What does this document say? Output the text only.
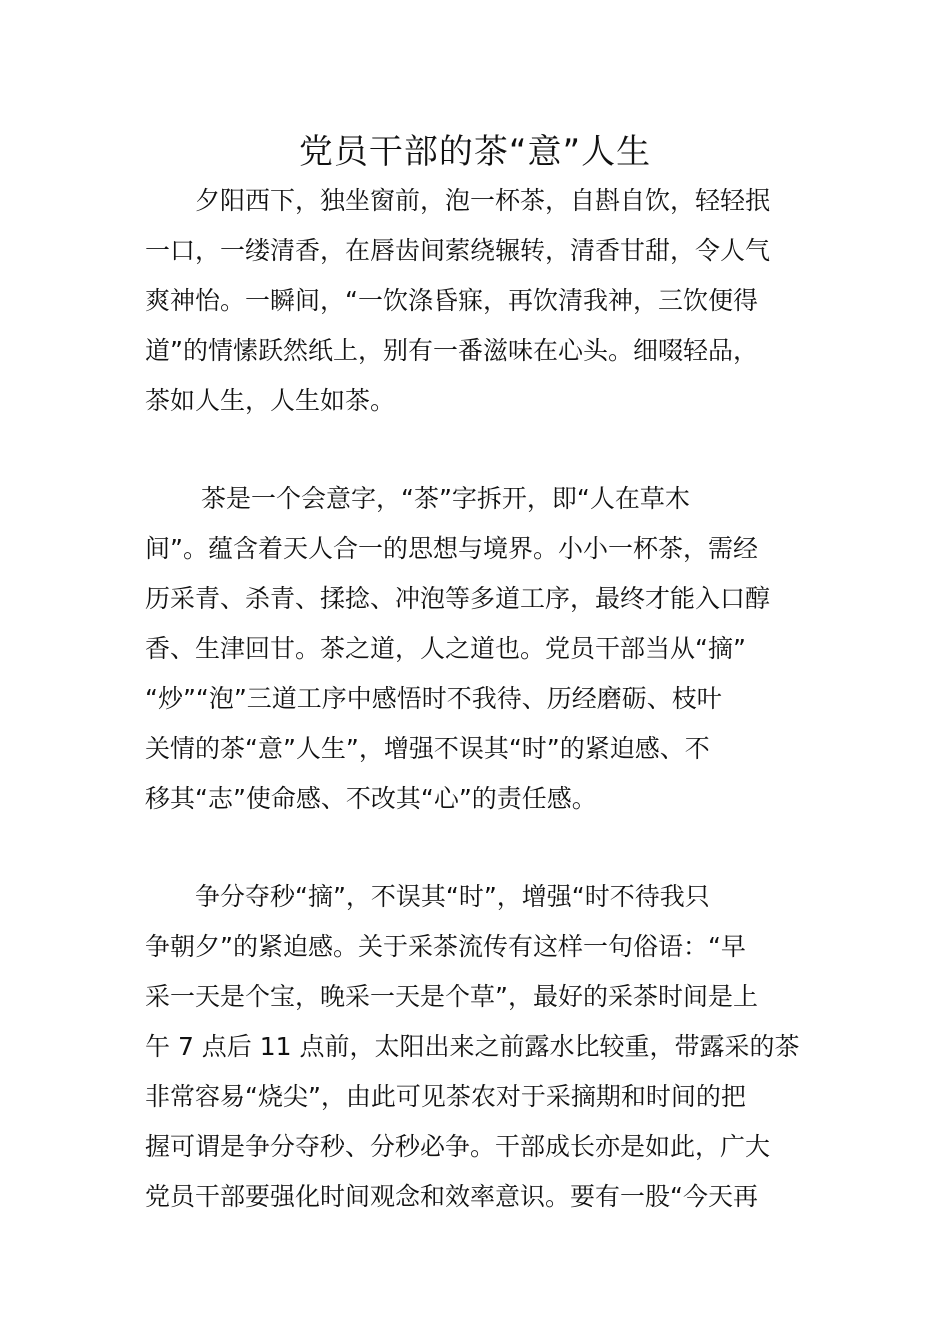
党员干部的茶“意”人生
夕阳西下，独坐窗前，泡一杯茶，自斟自饮，轻轻抿
一口，一缕清香，在唇齿间萦绕辗转，清香甘甜，令人气
爽神怡。一瞬间，“一饮涤昏寐，再饮清我神，三饮便得
道”的情愫跃然纸上，别有一番滋味在心头。细啜轻品，
茶如人生，人生如茶。
茶是一个会意字，“茶”字拆开，即“人在草木
间”。蕴含着天人合一的思想与境界。小小一杯茶，需经
历采青、杀青、揉捻、冲泡等多道工序，最终才能入口醇
香、生津回甘。茶之道，人之道也。党员干部当从“摘”
“炒”“泡”三道工序中感悟时不我待、历经磨砺、枝叶
关情的茶“意”人生”，增强不误其“时”的紧迫感、不
移其“志”使命感、不改其“心”的责任感。
争分夺秒“摘”，不误其“时”，增强“时不待我只
争朝夕”的紧迫感。关于采茶流传有这样一句俗语：“早
采一天是个宝，晚采一天是个草”，最好的采茶时间是上
午 7 点后 11 点前，太阳出来之前露水比较重，带露采的茶
非常容易“烧尖”，由此可见茶农对于采摘期和时间的把
握可谓是争分夺秒、分秒必争。干部成长亦是如此，广大
党员干部要强化时间观念和效率意识。要有一股“今天再
